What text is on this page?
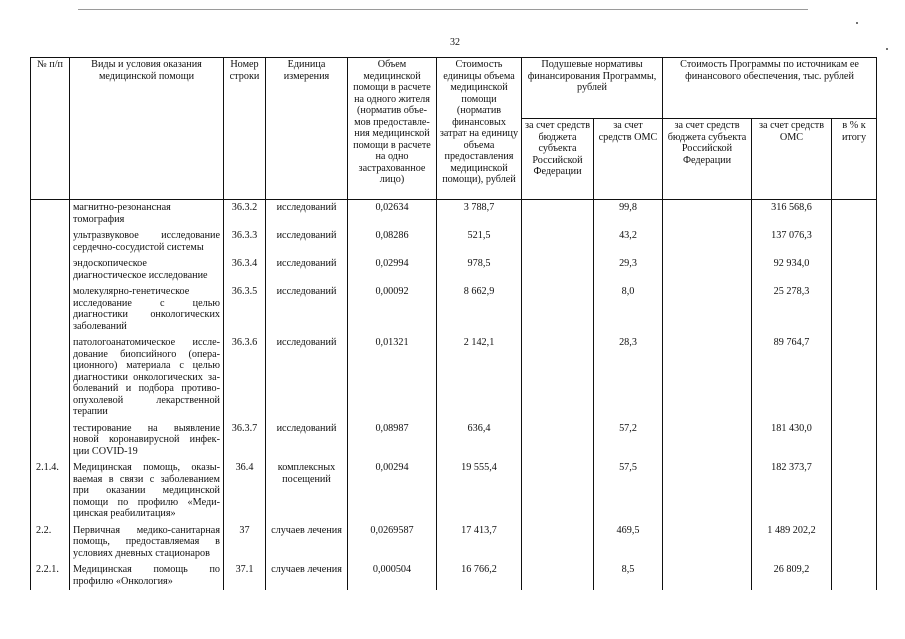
32
№ п/п	Виды и условия оказания медицинской помощи	Номер строки	Единица измерения	Объем медицинской помощи в расчете на одного жителя (норматив объе-мов предоставле-ния медицинской помощи в расчете на одно застрахованное лицо)	Стоимость единицы объема медицинской помощи (норматив финансовых затрат на единицу объема предоставления медицинской помощи), рублей	Подушевые нормативы финансирования Программы, рублей		Стоимость Программы по источникам ее финансового обеспечения, тыс. рублей		
						за счет средств бюджета субъекта Российской Федерации	за счет средств ОМС	за счет средств бюджета субъекта Российской Федерации	за счет средств ОМС	в % к итогу
	магнитно-резонансная томография	36.3.2	исследований	0,02634	3 788,7		99,8		316 568,6	
	ультразвуковое исследование сердечно-сосудистой системы	36.3.3	исследований	0,08286	521,5		43,2		137 076,3	
	эндоскопическое диагностическое исследование	36.3.4	исследований	0,02994	978,5		29,3		92 934,0	
	молекулярно-генетическое исследование с целью диагностики онкологических заболеваний	36.3.5	исследований	0,00092	8 662,9		8,0		25 278,3	
	патологоанатомическое иссле-дование биопсийного (опера-ционного) материала с целью диагностики онкологических за-болеваний и подбора противо-опухолевой лекарственной терапии	36.3.6	исследований	0,01321	2 142,1		28,3		89 764,7	
	тестирование на выявление новой коронавирусной инфек-ции COVID-19	36.3.7	исследований	0,08987	636,4		57,2		181 430,0	
2.1.4.	Медицинская помощь, оказы-ваемая в связи с заболеванием при оказании медицинской помощи по профилю «Меди-цинская реабилитация»	36.4	комплексных посещений	0,00294	19 555,4		57,5		182 373,7	
2.2.	Первичная медико-санитарная помощь, предоставляемая в условиях дневных стационаров	37	случаев лечения	0,0269587	17 413,7		469,5		1 489 202,2	
2.2.1.	Медицинская помощь по профилю «Онкология»	37.1	случаев лечения	0,000504	16 766,2		8,5		26 809,2	
